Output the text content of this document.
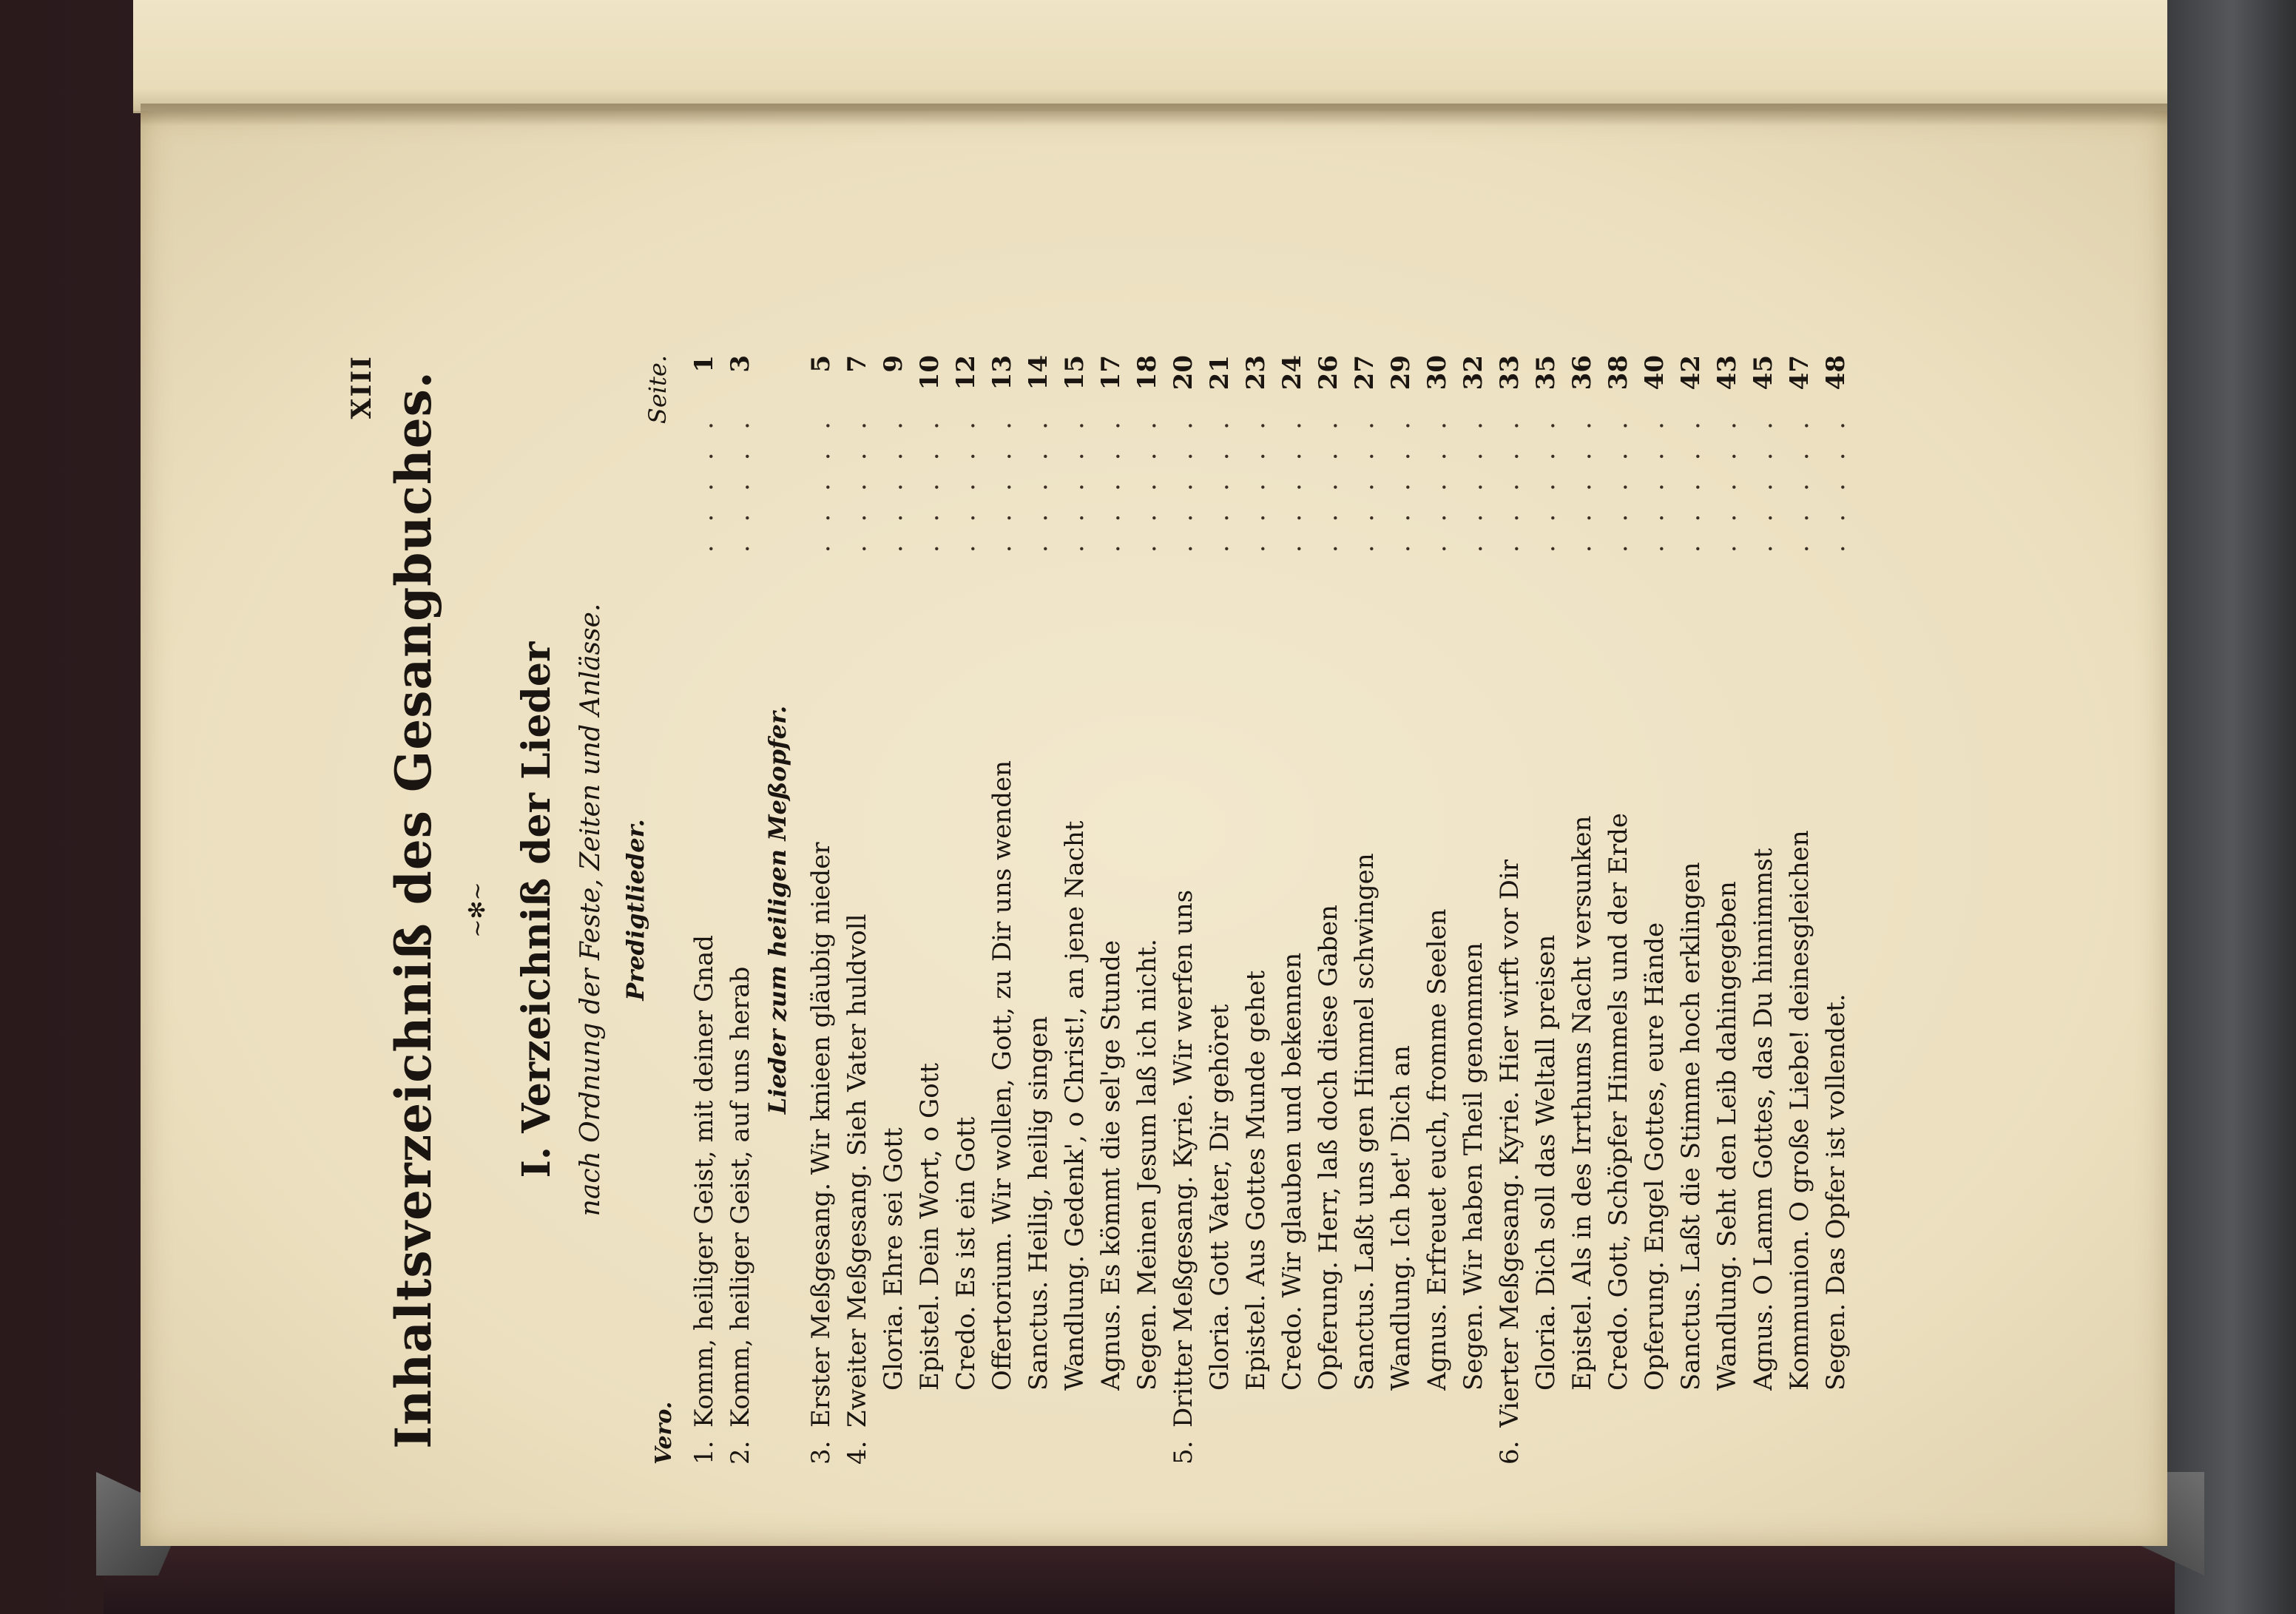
XIII Inhaltsverzeichniß des Gesangbuches. ~✻~ I. Verzeichniß der Lieder nach Ordnung der Feste, Zeiten und Anlässe. Predigtlieder.
Seite.
Vero. 1.
Komm, heiliger Geist, mit deiner Gnad
. . . . .
1
2.
Komm, heiliger Geist, auf uns herab
. . . . .
3
3.
Erster Meßgesang. Wir knieen gläubig nieder
. . . . .
5
4.
Zweiter Meßgesang. Sieh Vater huldvoll
. . . . .
7
Gloria. Ehre sei Gott
. . . . .
9
Epistel. Dein Wort, o Gott
. . . . .
10
Credo. Es ist ein Gott
. . . . .
12
Offertorium. Wir wollen, Gott, zu Dir uns wenden
. . . . .
13
Sanctus. Heilig, heilig singen
. . . . .
14
Wandlung. Gedenk', o Christ!, an jene Nacht
. . . . .
15
Agnus. Es kömmt die sel'ge Stunde
. . . . .
17
Segen. Meinen Jesum laß ich nicht.
. . . . .
18
5.
Dritter Meßgesang. Kyrie. Wir werfen uns
. . . . .
20
Gloria. Gott Vater, Dir gehöret
. . . . .
21
Epistel. Aus Gottes Munde gehet
. . . . .
23
Credo. Wir glauben und bekennen
. . . . .
24
Opferung. Herr, laß doch diese Gaben
. . . . .
26
Sanctus. Laßt uns gen Himmel schwingen
. . . . .
27
Wandlung. Ich bet' Dich an
. . . . .
29
Agnus. Erfreuet euch, fromme Seelen
. . . . .
30
Segen. Wir haben Theil genommen
. . . . .
32
6.
Vierter Meßgesang. Kyrie. Hier wirft vor Dir
. . . . .
33
Gloria. Dich soll das Weltall preisen
. . . . .
35
Epistel. Als in des Irrthums Nacht versunken
. . . . .
36
Credo. Gott, Schöpfer Himmels und der Erde
. . . . .
38
Opferung. Engel Gottes, eure Hände
. . . . .
40
Sanctus. Laßt die Stimme hoch erklingen
. . . . .
42
Wandlung. Seht den Leib dahingegeben
. . . . .
43
Agnus. O Lamm Gottes, das Du hinnimmst
. . . . .
45
Kommunion. O große Liebe! deinesgleichen
. . . . .
47
Segen. Das Opfer ist vollendet.
. . . . .
48
Lieder zum heiligen Meßopfer.
